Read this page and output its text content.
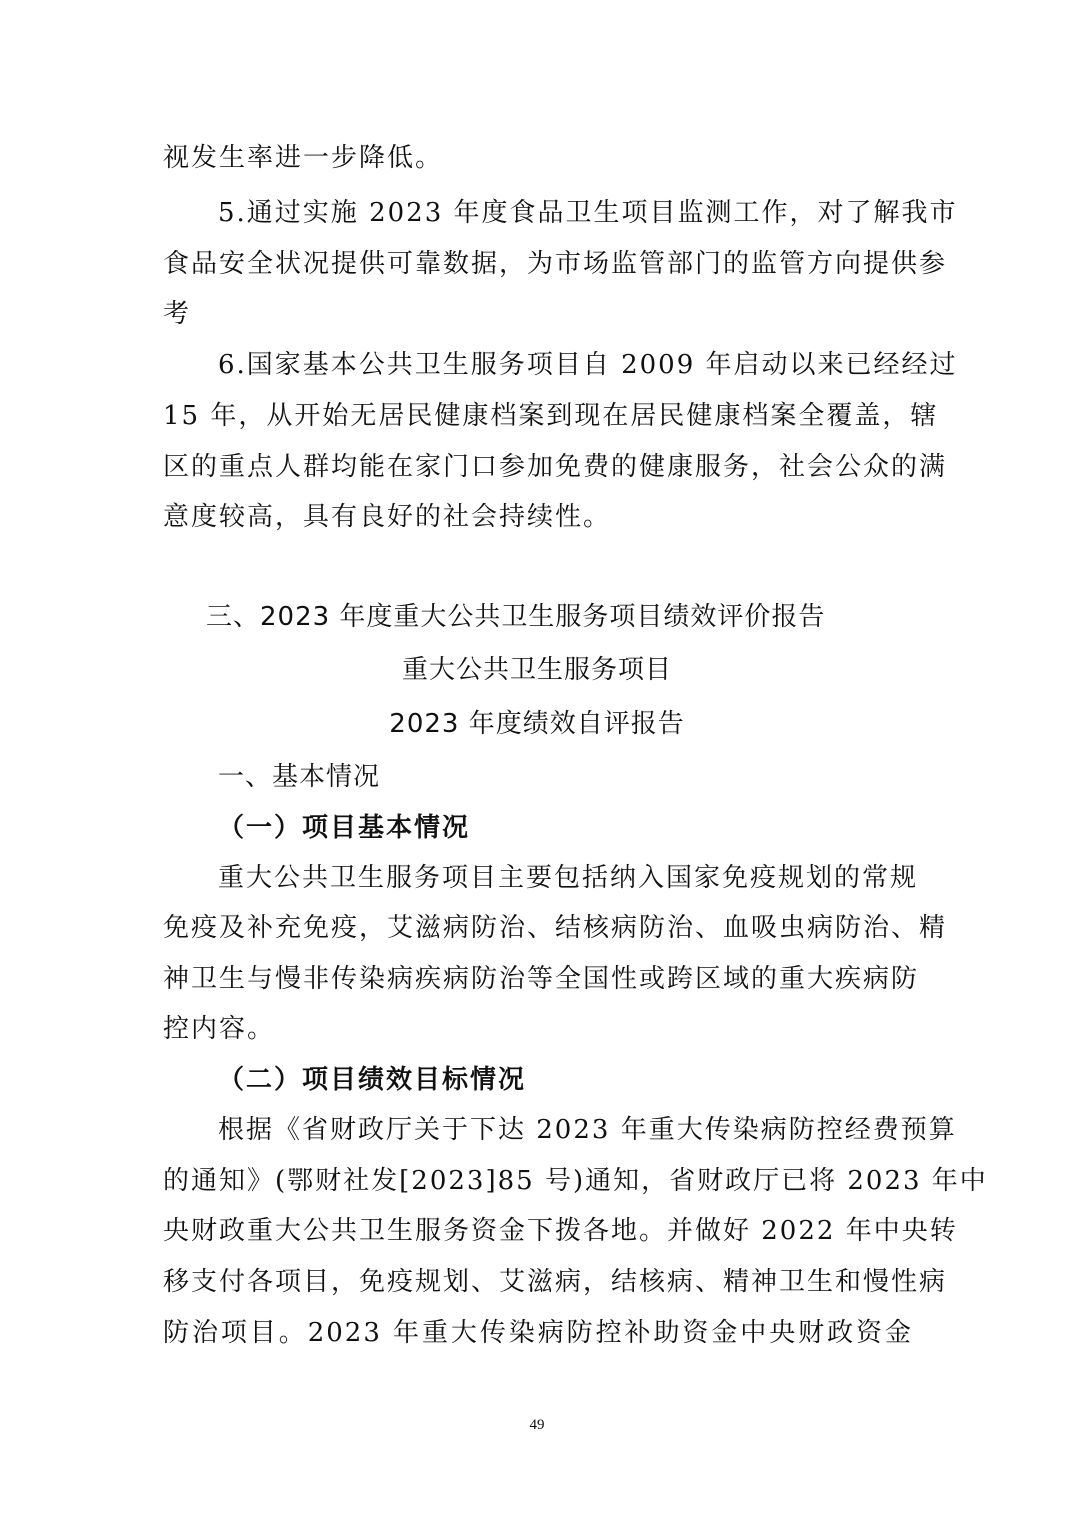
视发生率进一步降低。
5.通过实施 2023 年度食品卫生项目监测工作，对了解我市
食品安全状况提供可靠数据，为市场监管部门的监管方向提供参
考
6.国家基本公共卫生服务项目自 2009 年启动以来已经经过
15 年，从开始无居民健康档案到现在居民健康档案全覆盖，辖
区的重点人群均能在家门口参加免费的健康服务，社会公众的满
意度较高，具有良好的社会持续性。
三、2023 年度重大公共卫生服务项目绩效评价报告
重大公共卫生服务项目
2023 年度绩效自评报告
一、基本情况
（一）项目基本情况
重大公共卫生服务项目主要包括纳入国家免疫规划的常规
免疫及补充免疫，艾滋病防治、结核病防治、血吸虫病防治、精
神卫生与慢非传染病疾病防治等全国性或跨区域的重大疾病防
控内容。
（二）项目绩效目标情况
根据《省财政厅关于下达 2023 年重大传染病防控经费预算
的通知》(鄂财社发[2023]85 号)通知，省财政厅已将 2023 年中
央财政重大公共卫生服务资金下拨各地。并做好 2022 年中央转
移支付各项目，免疫规划、艾滋病，结核病、精神卫生和慢性病
防治项目。2023 年重大传染病防控补助资金中央财政资金
49
